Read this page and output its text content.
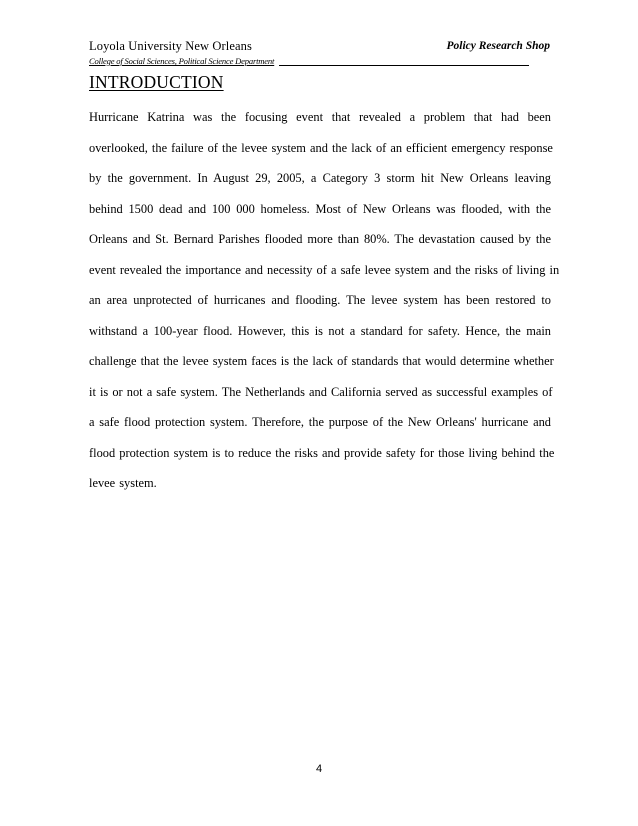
Loyola University New Orleans	Policy Research Shop
College of Social Sciences, Political Science Department
INTRODUCTION
Hurricane Katrina was the focusing event that revealed a problem that had been
overlooked, the failure of the levee system and the lack of an efficient emergency response
by the government. In August 29, 2005, a Category 3 storm hit New Orleans leaving
behind 1500 dead and 100 000 homeless. Most of New Orleans was flooded, with the
Orleans and St. Bernard Parishes flooded more than 80%. The devastation caused by the
event revealed the importance and necessity of a safe levee system and the risks of living in
an area unprotected of hurricanes and flooding. The levee system has been restored to
withstand a 100-year flood. However, this is not a standard for safety. Hence, the main
challenge that the levee system faces is the lack of standards that would determine whether
it is or not a safe system. The Netherlands and California served as successful examples of
a safe flood protection system. Therefore, the purpose of the New Orleans' hurricane and
flood protection system is to reduce the risks and provide safety for those living behind the
levee system.
4
